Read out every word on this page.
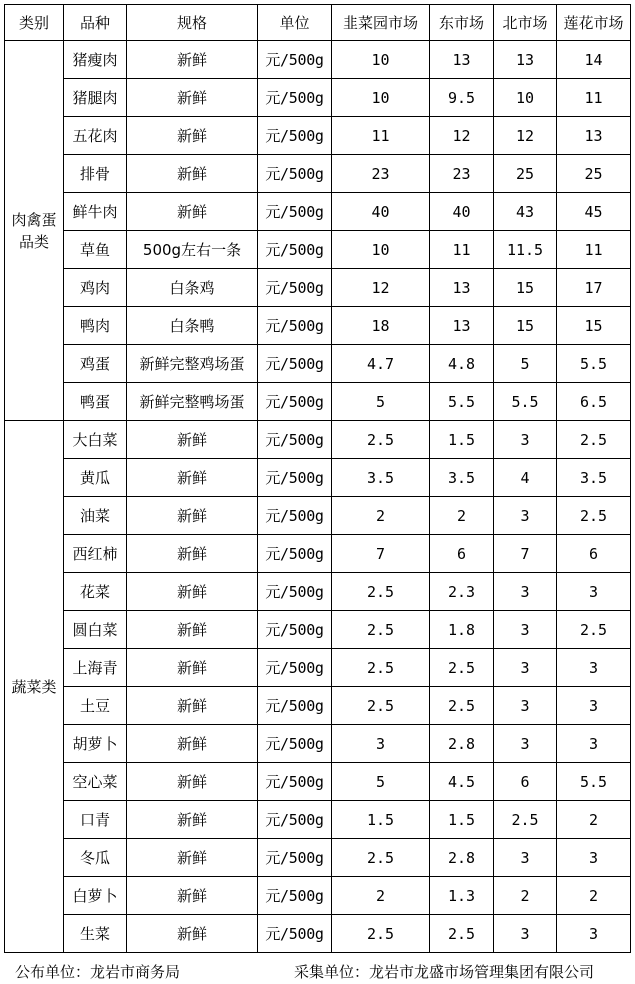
类别	品种	规格	单位	韭菜园市场	东市场	北市场	莲花市场
肉禽蛋品类	猪瘦肉	新鲜	元/500g	10	13	13	14
	猪腿肉	新鲜	元/500g	10	9.5	10	11
	五花肉	新鲜	元/500g	11	12	12	13
	排骨	新鲜	元/500g	23	23	25	25
	鲜牛肉	新鲜	元/500g	40	40	43	45
	草鱼	500g左右一条	元/500g	10	11	11.5	11
	鸡肉	白条鸡	元/500g	12	13	15	17
	鸭肉	白条鸭	元/500g	18	13	15	15
	鸡蛋	新鲜完整鸡场蛋	元/500g	4.7	4.8	5	5.5
	鸭蛋	新鲜完整鸭场蛋	元/500g	5	5.5	5.5	6.5
蔬菜类	大白菜	新鲜	元/500g	2.5	1.5	3	2.5
	黄瓜	新鲜	元/500g	3.5	3.5	4	3.5
	油菜	新鲜	元/500g	2	2	3	2.5
	西红柿	新鲜	元/500g	7	6	7	6
	花菜	新鲜	元/500g	2.5	2.3	3	3
	圆白菜	新鲜	元/500g	2.5	1.8	3	2.5
	上海青	新鲜	元/500g	2.5	2.5	3	3
	土豆	新鲜	元/500g	2.5	2.5	3	3
	胡萝卜	新鲜	元/500g	3	2.8	3	3
	空心菜	新鲜	元/500g	5	4.5	6	5.5
	口青	新鲜	元/500g	1.5	1.5	2.5	2
	冬瓜	新鲜	元/500g	2.5	2.8	3	3
	白萝卜	新鲜	元/500g	2	1.3	2	2
	生菜	新鲜	元/500g	2.5	2.5	3	3
公布单位：龙岩市商务局	采集单位：龙岩市龙盛市场管理集团有限公司
